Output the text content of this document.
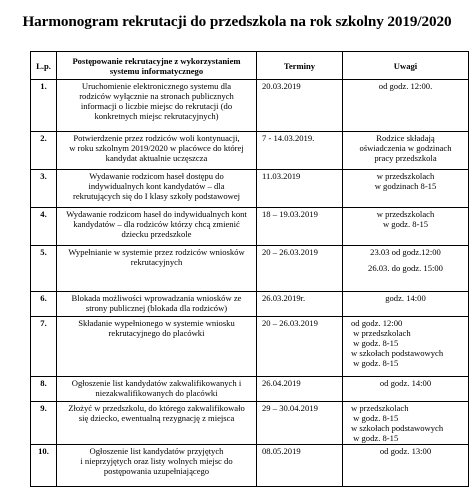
Harmonogram rekrutacji do przedszkola na rok szkolny 2019/2020
L.p.	Postępowanie rekrutacyjne z wykorzystaniem
systemu informatycznego	Terminy	Uwagi
1.	Uruchomienie elektronicznego systemu dla
rodziców wyłącznie na stronach publicznych
informacji o liczbie miejsc do rekrutacji (do
konkretnych miejsc rekrutacyjnych)	20.03.2019	od godz. 12:00.

2.	Potwierdzenie przez rodziców woli kontynuacji,
w roku szkolnym 2019/2020 w placówce do której
kandydat aktualnie uczęszcza	7 - 14.03.2019.	Rodzice składają
oświadczenia w godzinach
pracy przedszkola

3.	Wydawanie rodzicom haseł dostępu do
indywidualnych kont kandydatów – dla
rekrutujących się do I klasy szkoły podstawowej	11.03.2019	w przedszkolach
w godzinach 8-15

4.	Wydawanie rodzicom haseł do indywidualnych kont
kandydatów – dla rodziców którzy chcą zmienić
dziecku przedszkole	18 – 19.03.2019	w przedszkolach
w godz. 8-15

5.	Wypełnianie w systemie przez rodziców wniosków
rekrutacyjnych	20 – 26.03.2019	23.03 od godz.12:00
26.03. do godz. 15:00

6.	Blokada możliwości wprowadzania wniosków ze
strony publicznej (blokada dla rodziców)	26.03.2019r.	godz. 14:00

7.	Składanie wypełnionego w systemie wniosku
rekrutacyjnego do placówki	20 – 26.03.2019	od godz. 12:00
w przedszkolach
w godz. 8-15
w szkołach podstawowych
w godz. 8-15

8.	Ogłoszenie list kandydatów zakwalifikowanych i
niezakwalifikowanych do placówki	26.04.2019	od godz. 14:00

9.	Złożyć w przedszkolu, do którego zakwalifikowało
się dziecko, ewentualną rezygnację z miejsca	29 – 30.04.2019	w przedszkolach
w godz. 8-15
w szkołach podstawowych
w godz. 8-15

10.	Ogłoszenie list kandydatów przyjętych
i nieprzyjętych oraz listy wolnych miejsc do
postępowania uzupełniającego	08.05.2019	od godz. 13:00
